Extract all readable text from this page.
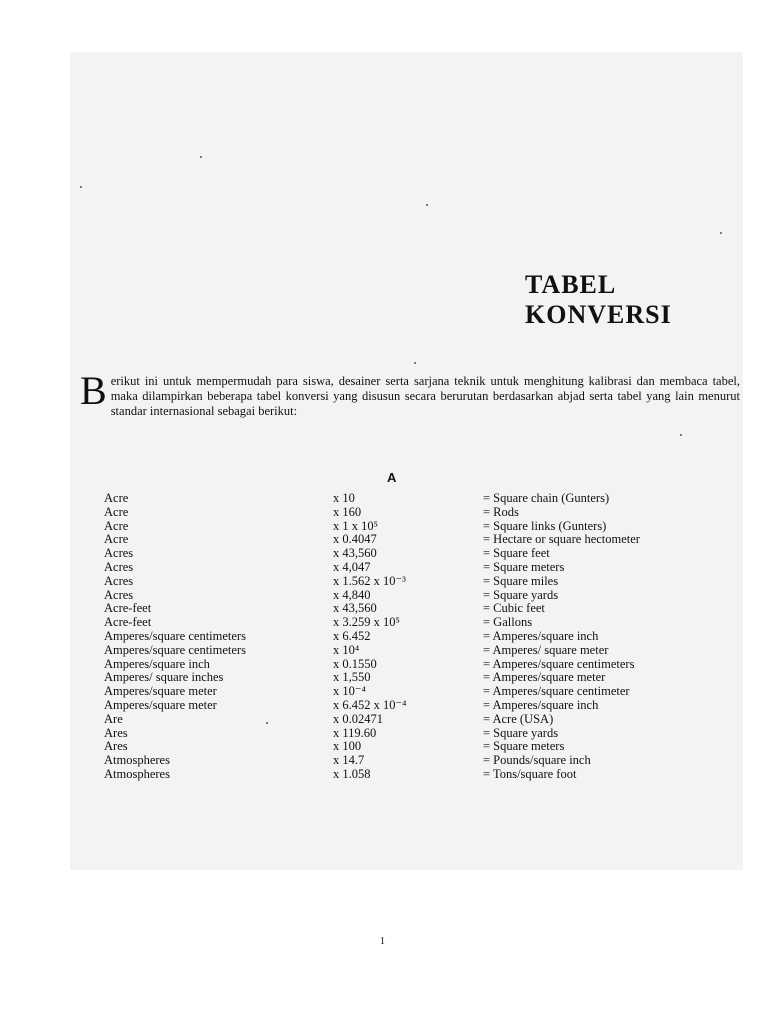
TABEL
KONVERSI

Berikut ini untuk mempermudah para siswa, desainer serta sarjana teknik untuk menghitung kalibrasi dan membaca tabel, maka dilampirkan beberapa tabel konversi yang disusun secara berurutan berdasarkan abjad serta tabel yang lain menurut standar internasional sebagai berikut:

A
Acre	x 10	= Square chain (Gunters)
Acre	x 160	= Rods
Acre	x 1 x 10⁵	= Square links (Gunters)
Acre	x 0.4047	= Hectare or square hectometer
Acres	x 43,560	= Square feet
Acres	x 4,047	= Square meters
Acres	x 1.562 x 10⁻³	= Square miles
Acres	x 4,840	= Square yards
Acre-feet	x 43,560	= Cubic feet
Acre-feet	x 3.259 x 10⁵	= Gallons
Amperes/square centimeters	x 6.452	= Amperes/square inch
Amperes/square centimeters	x 10⁴	= Amperes/ square meter
Amperes/square inch	x 0.1550	= Amperes/square centimeters
Amperes/ square inches	x 1,550	= Amperes/square meter
Amperes/square meter	x 10⁻⁴	= Amperes/square centimeter
Amperes/square meter	x 6.452 x 10⁻⁴	= Amperes/square inch
Are	x 0.02471	= Acre (USA)
Ares	x 119.60	= Square yards
Ares	x 100	= Square meters
Atmospheres	x 14.7	= Pounds/square inch
Atmospheres	x 1.058	= Tons/square foot
1
